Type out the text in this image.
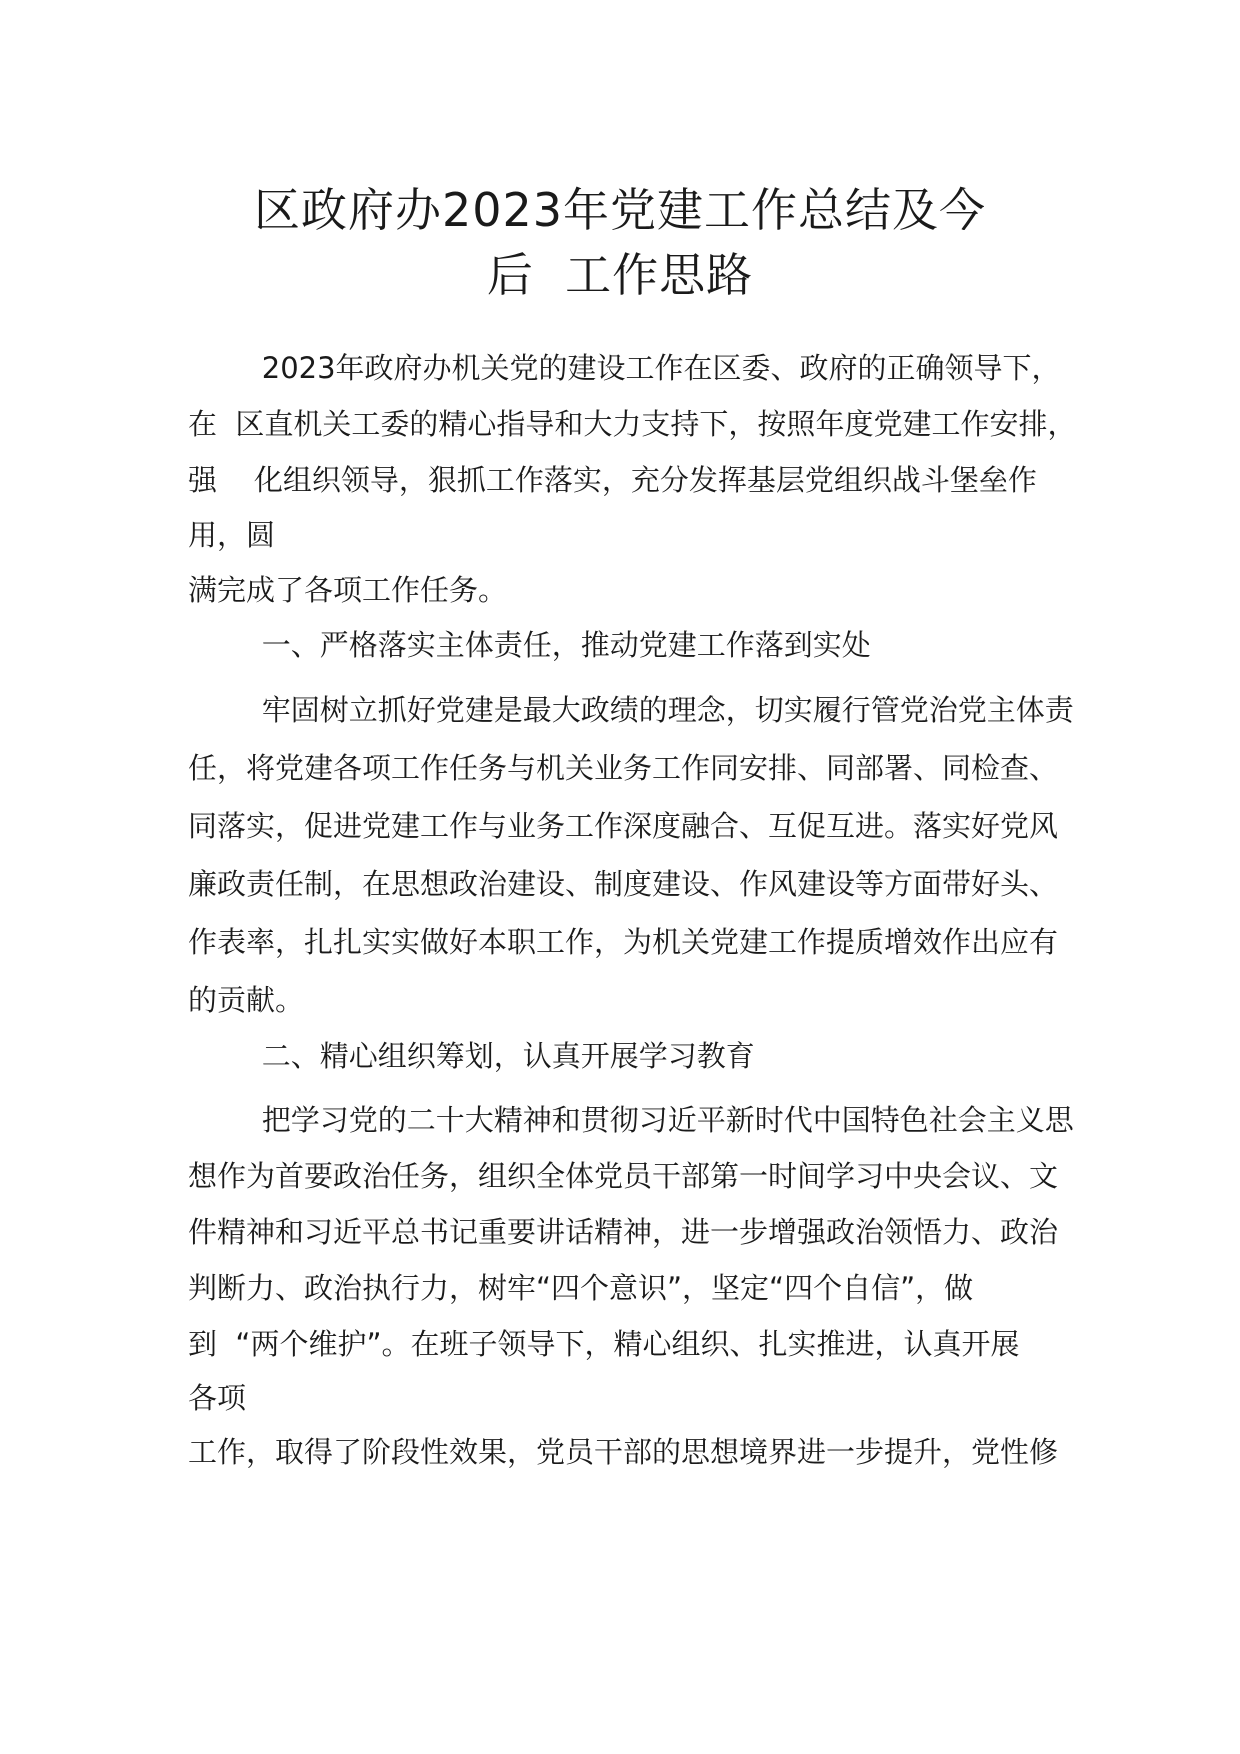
区政府办2023年党建工作总结及今
后  工作思路

2023年政府办机关党的建设工作在区委、政府的正确领导下，

在  区直机关工委的精心指导和大力支持下，按照年度党建工作安排，

强    化组织领导，狠抓工作落实，充分发挥基层党组织战斗堡垒作

用，圆

满完成了各项工作任务。

一、严格落实主体责任，推动党建工作落到实处

牢固树立抓好党建是最大政绩的理念，切实履行管党治党主体责

任，将党建各项工作任务与机关业务工作同安排、同部署、同检查、

同落实，促进党建工作与业务工作深度融合、互促互进。落实好党风

廉政责任制，在思想政治建设、制度建设、作风建设等方面带好头、

作表率，扎扎实实做好本职工作，为机关党建工作提质增效作出应有

的贡献。

二、精心组织筹划，认真开展学习教育

把学习党的二十大精神和贯彻习近平新时代中国特色社会主义思

想作为首要政治任务，组织全体党员干部第一时间学习中央会议、文

件精神和习近平总书记重要讲话精神，进一步增强政治领悟力、政治

判断力、政治执行力，树牢“四个意识”，坚定“四个自信”，做

到  “两个维护”。在班子领导下，精心组织、扎实推进，认真开展

各项

工作，取得了阶段性效果，党员干部的思想境界进一步提升，党性修
